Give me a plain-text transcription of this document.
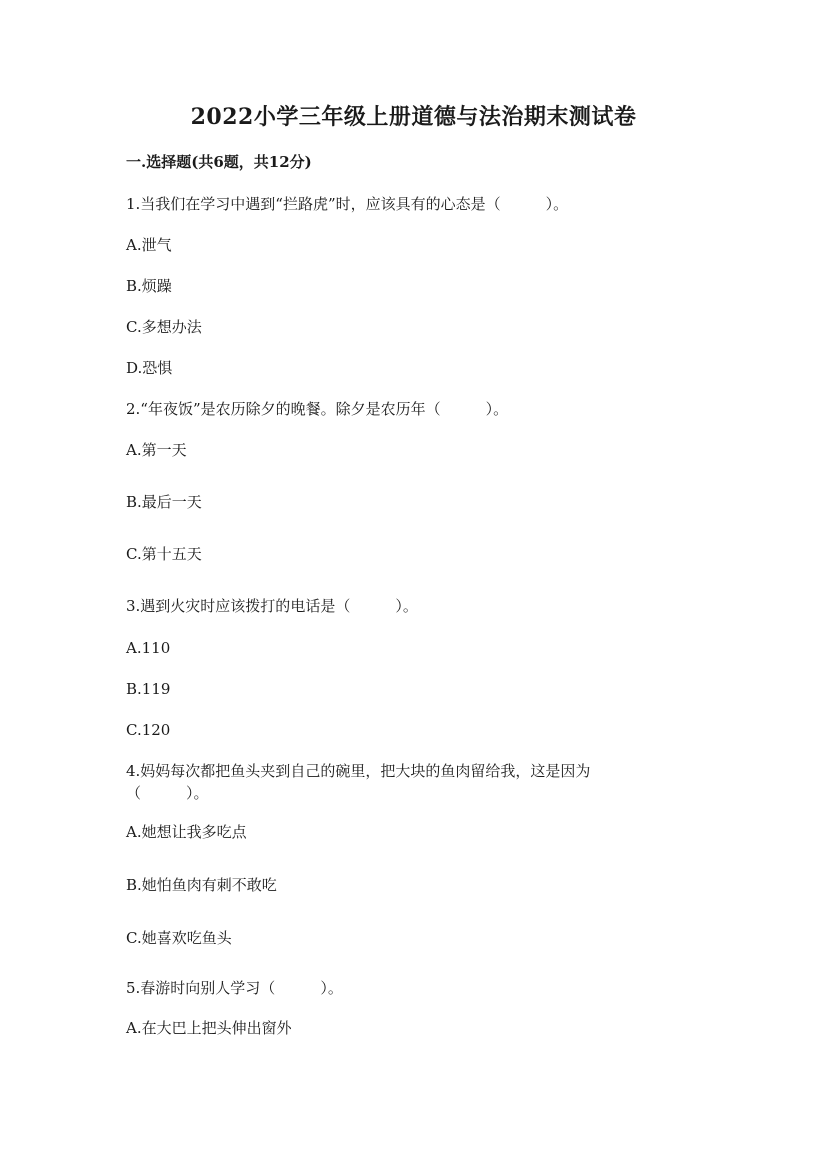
2022小学三年级上册道德与法治期末测试卷
一.选择题(共6题，共12分)
1.当我们在学习中遇到“拦路虎”时，应该具有的心态是（　　　）。
A.泄气
B.烦躁
C.多想办法
D.恐惧
2.“年夜饭”是农历除夕的晚餐。除夕是农历年（　　　）。
A.第一天
B.最后一天
C.第十五天
3.遇到火灾时应该拨打的电话是（　　　）。
A.110
B.119
C.120
4.妈妈每次都把鱼头夹到自己的碗里，把大块的鱼肉留给我，这是因为
（　　　）。
A.她想让我多吃点
B.她怕鱼肉有刺不敢吃
C.她喜欢吃鱼头
5.春游时向别人学习（　　　）。
A.在大巴上把头伸出窗外
